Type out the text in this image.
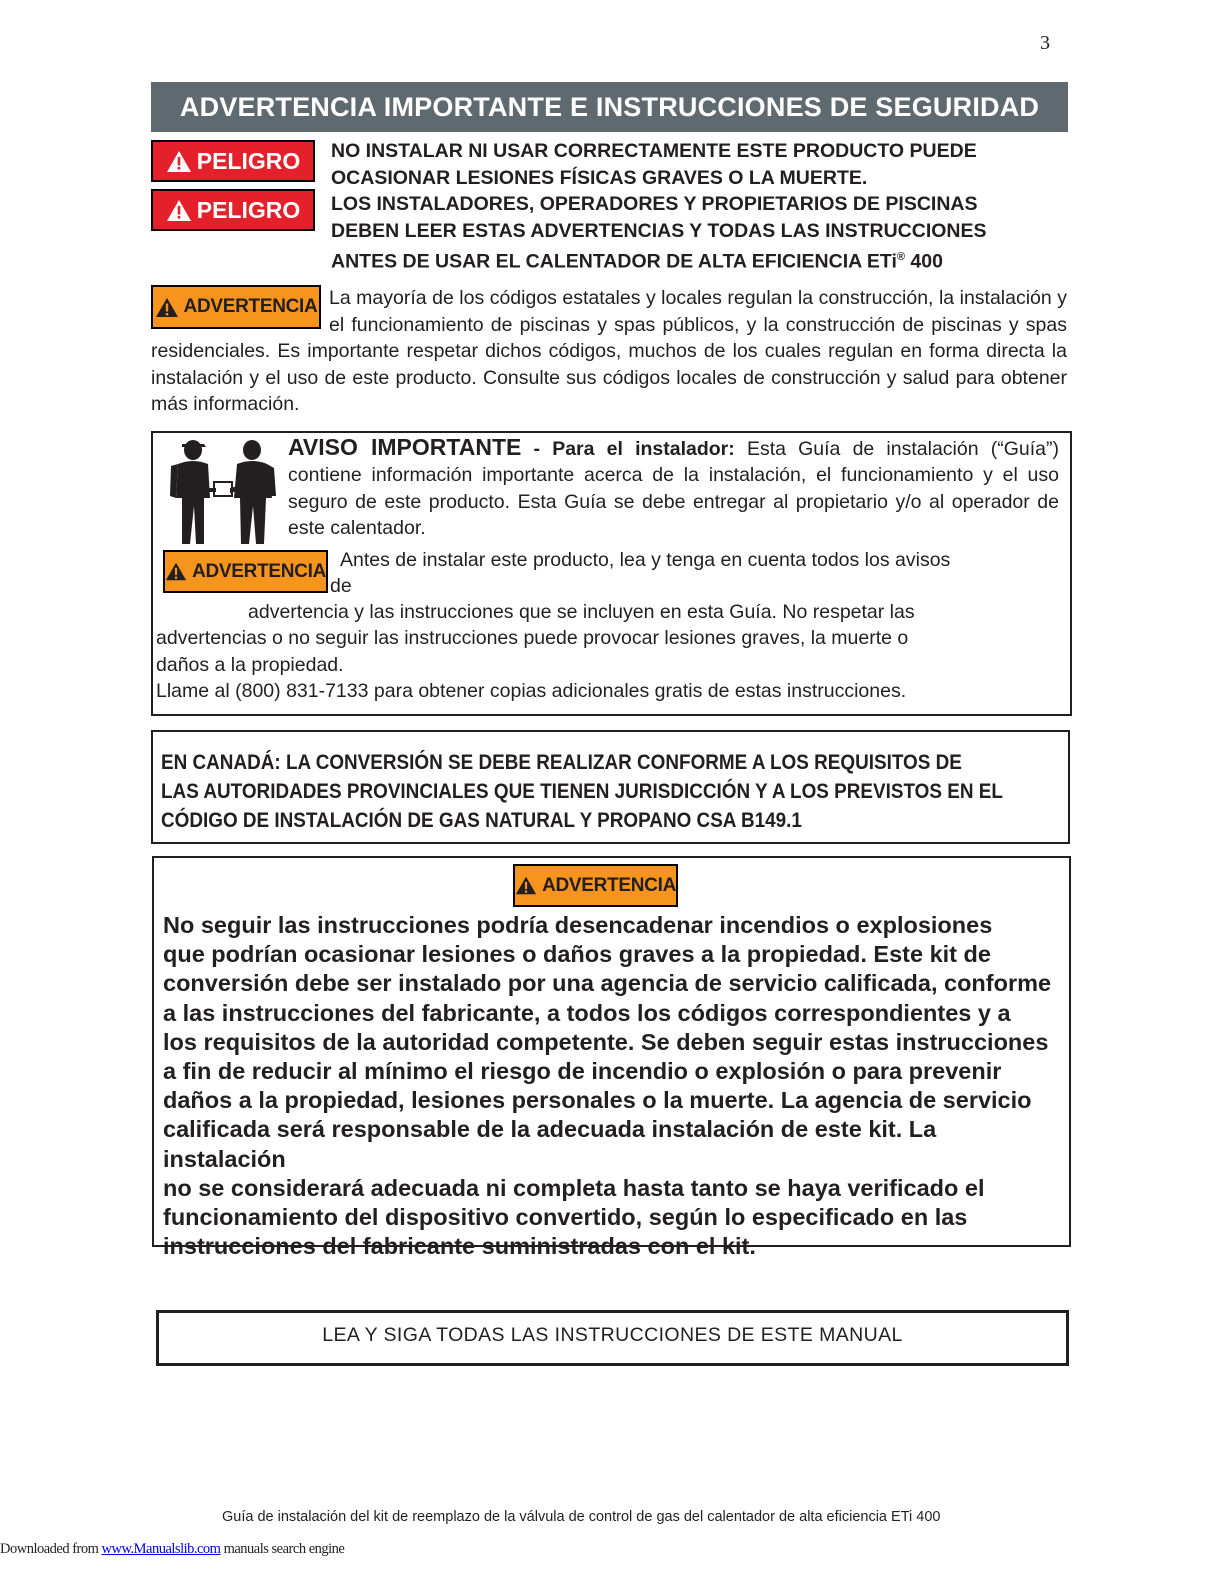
3
ADVERTENCIA IMPORTANTE E INSTRUCCIONES DE SEGURIDAD
PELIGRO
PELIGRO
NO INSTALAR NI USAR CORRECTAMENTE ESTE PRODUCTO PUEDE
OCASIONAR LESIONES FÍSICAS GRAVES O LA MUERTE.
LOS INSTALADORES, OPERADORES Y PROPIETARIOS DE PISCINAS
DEBEN LEER ESTAS ADVERTENCIAS Y TODAS LAS INSTRUCCIONES
ANTES DE USAR EL CALENTADOR DE ALTA EFICIENCIA ETi® 400
ADVERTENCIA La mayoría de los códigos estatales y locales regulan la construcción, la instalación y el funcionamiento de piscinas y spas públicos, y la construcción de piscinas y spas residenciales. Es importante respetar dichos códigos, muchos de los cuales regulan en forma directa la instalación y el uso de este producto. Consulte sus códigos locales de construcción y salud para obtener más información.
AVISO IMPORTANTE - Para el instalador: Esta Guía de instalación (“Guía”) contiene información importante acerca de la instalación, el funcionamiento y el uso seguro de este producto. Esta Guía se debe entregar al propietario y/o al operador de este calentador.
ADVERTENCIA Antes de instalar este producto, lea y tenga en cuenta todos los avisos
de
advertencia y las instrucciones que se incluyen en esta Guía. No respetar las
advertencias o no seguir las instrucciones puede provocar lesiones graves, la muerte o
daños a la propiedad.
Llame al (800) 831-7133 para obtener copias adicionales gratis de estas instrucciones.
EN CANADÁ: LA CONVERSIÓN SE DEBE REALIZAR CONFORME A LOS REQUISITOS DE
LAS AUTORIDADES PROVINCIALES QUE TIENEN JURISDICCIÓN Y A LOS PREVISTOS EN EL
CÓDIGO DE INSTALACIÓN DE GAS NATURAL Y PROPANO CSA B149.1
ADVERTENCIA
No seguir las instrucciones podría desencadenar incendios o explosiones
que podrían ocasionar lesiones o daños graves a la propiedad. Este kit de
conversión debe ser instalado por una agencia de servicio calificada, conforme
a las instrucciones del fabricante, a todos los códigos correspondientes y a
los requisitos de la autoridad competente. Se deben seguir estas instrucciones
a fin de reducir al mínimo el riesgo de incendio o explosión o para prevenir
daños a la propiedad, lesiones personales o la muerte. La agencia de servicio
calificada será responsable de la adecuada instalación de este kit. La instalación
no se considerará adecuada ni completa hasta tanto se haya verificado el
funcionamiento del dispositivo convertido, según lo especificado en las
instrucciones del fabricante suministradas con el kit.
LEA Y SIGA TODAS LAS INSTRUCCIONES DE ESTE MANUAL
Guía de instalación del kit de reemplazo de la válvula de control de gas del calentador de alta eficiencia ETi 400
Downloaded from www.Manualslib.com manuals search engine
